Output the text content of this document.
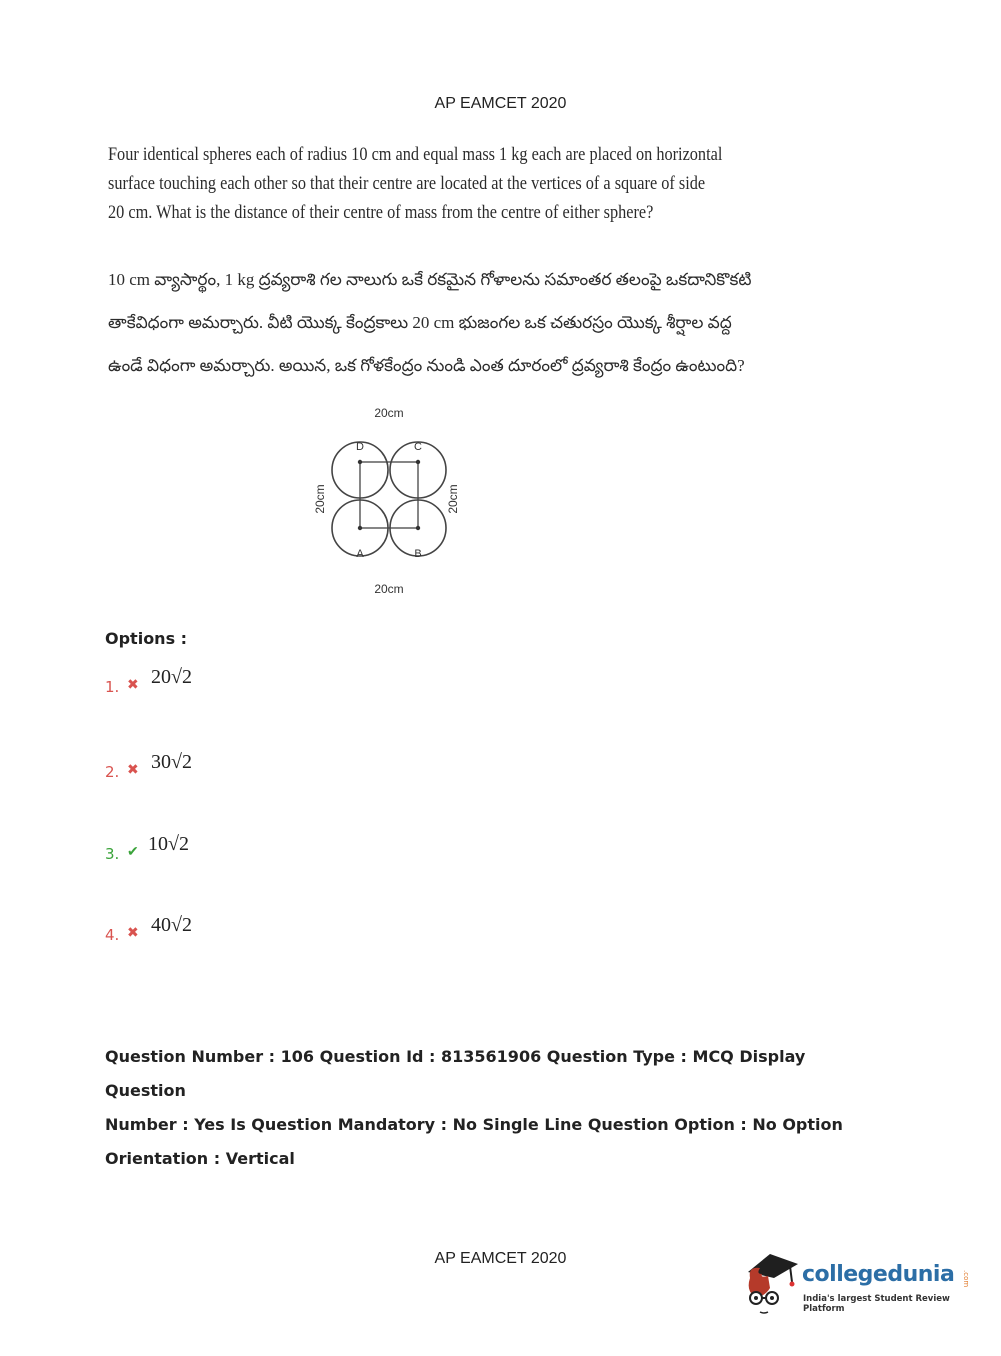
AP EAMCET 2020

Four identical spheres each of radius 10 cm and equal mass 1 kg each are placed on horizontal

surface touching each other so that their centre are located at the vertices of a square of side

20 cm. What is the distance of their centre of mass from the centre of either sphere?

10 cm వ్యాసార్థం, 1 kg ద్రవ్యరాశి గల నాలుగు ఒకే రకమైన గోళాలను సమాంతర తలంపై ఒకదానికొకటి

తాకేవిధంగా అమర్చారు. వీటి యొక్క కేంద్రకాలు 20 cm భుజంగల ఒక చతురస్రం యొక్క శీర్షాల వద్ద

ఉండే విధంగా అమర్చారు. అయిన, ఒక గోళకేంద్రం నుండి ఎంత దూరంలో ద్రవ్యరాశి కేంద్రం ఉంటుంది?

20cm
20cm
D	C
A	B
20cm	20cm
Options :
1. ✖ 20√2
2. ✖ 30√2
3. ✔ 10√2
4. ✖ 40√2
Question Number : 106 Question Id : 813561906 Question Type : MCQ Display Question
Number : Yes Is Question Mandatory : No Single Line Question Option : No Option
Orientation : Vertical
AP EAMCET 2020
collegedunia .com
India's largest Student Review Platform
